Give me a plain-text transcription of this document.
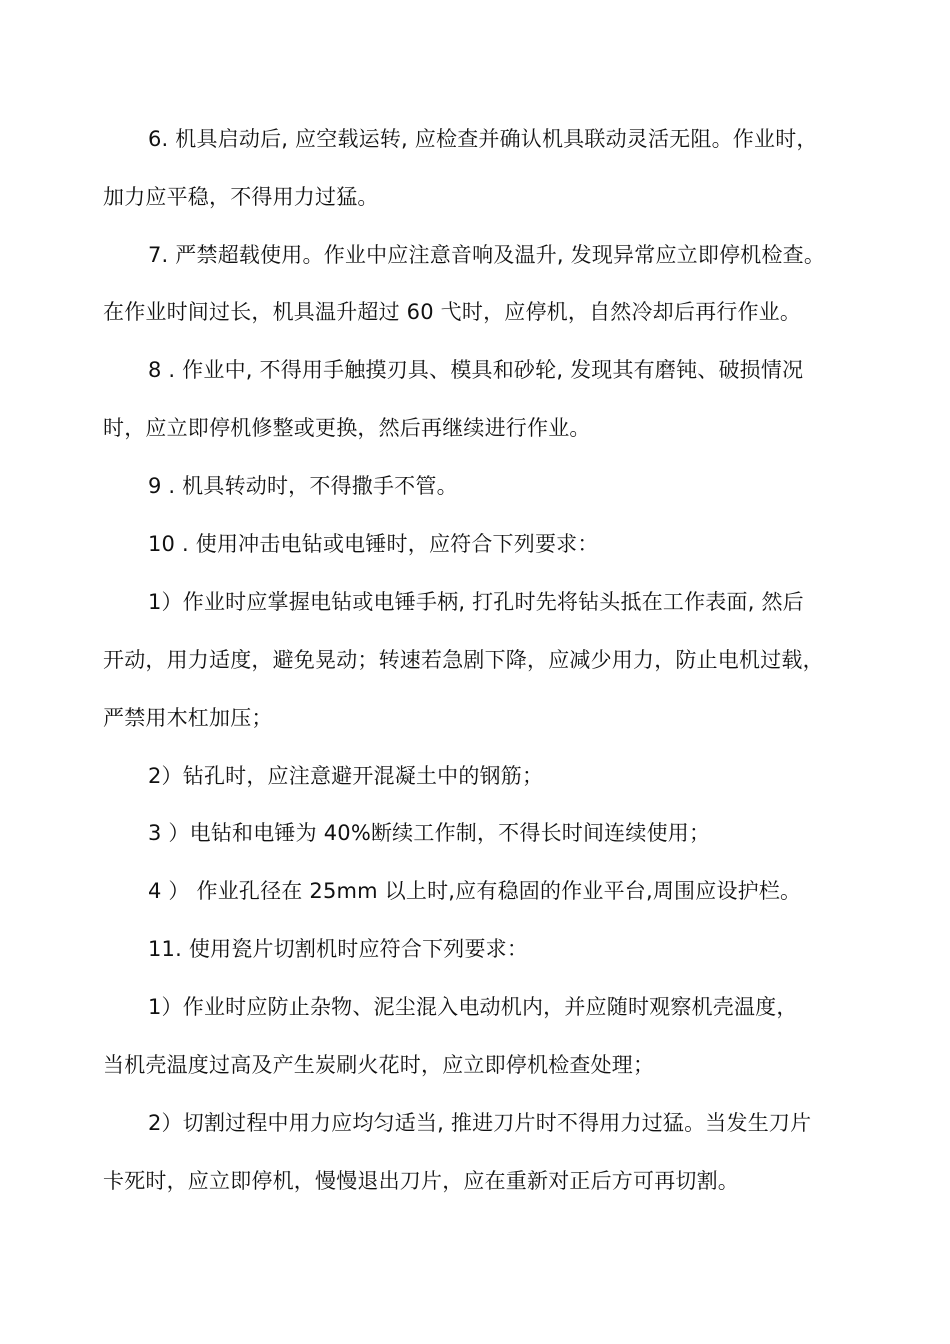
6. 机具启动后, 应空载运转, 应检查并确认机具联动灵活无阻。作业时，
加力应平稳，不得用力过猛。
7. 严禁超载使用。作业中应注意音响及温升, 发现异常应立即停机检查。
在作业时间过长，机具温升超过 60 弋时，应停机，自然冷却后再行作业。
8 . 作业中, 不得用手触摸刃具、模具和砂轮, 发现其有磨钝、破损情况
时，应立即停机修整或更换，然后再继续进行作业。
9 . 机具转动时，不得撒手不管。
10 . 使用冲击电钻或电锤时，应符合下列要求：
1）作业时应掌握电钻或电锤手柄, 打孔时先将钻头抵在工作表面, 然后
开动，用力适度，避免晃动；转速若急剧下降，应减少用力，防止电机过载，
严禁用木杠加压；
2）钻孔时，应注意避开混凝土中的钢筋；
3 ）电钻和电锤为 40%断续工作制，不得长时间连续使用；
4 ） 作业孔径在 25mm 以上时,应有稳固的作业平台,周围应设护栏。
11. 使用瓷片切割机时应符合下列要求：
1）作业时应防止杂物、泥尘混入电动机内，并应随时观察机壳温度，
当机壳温度过高及产生炭刷火花时，应立即停机检查处理；
2）切割过程中用力应均匀适当, 推进刀片时不得用力过猛。当发生刀片
卡死时，应立即停机，慢慢退出刀片，应在重新对正后方可再切割。
